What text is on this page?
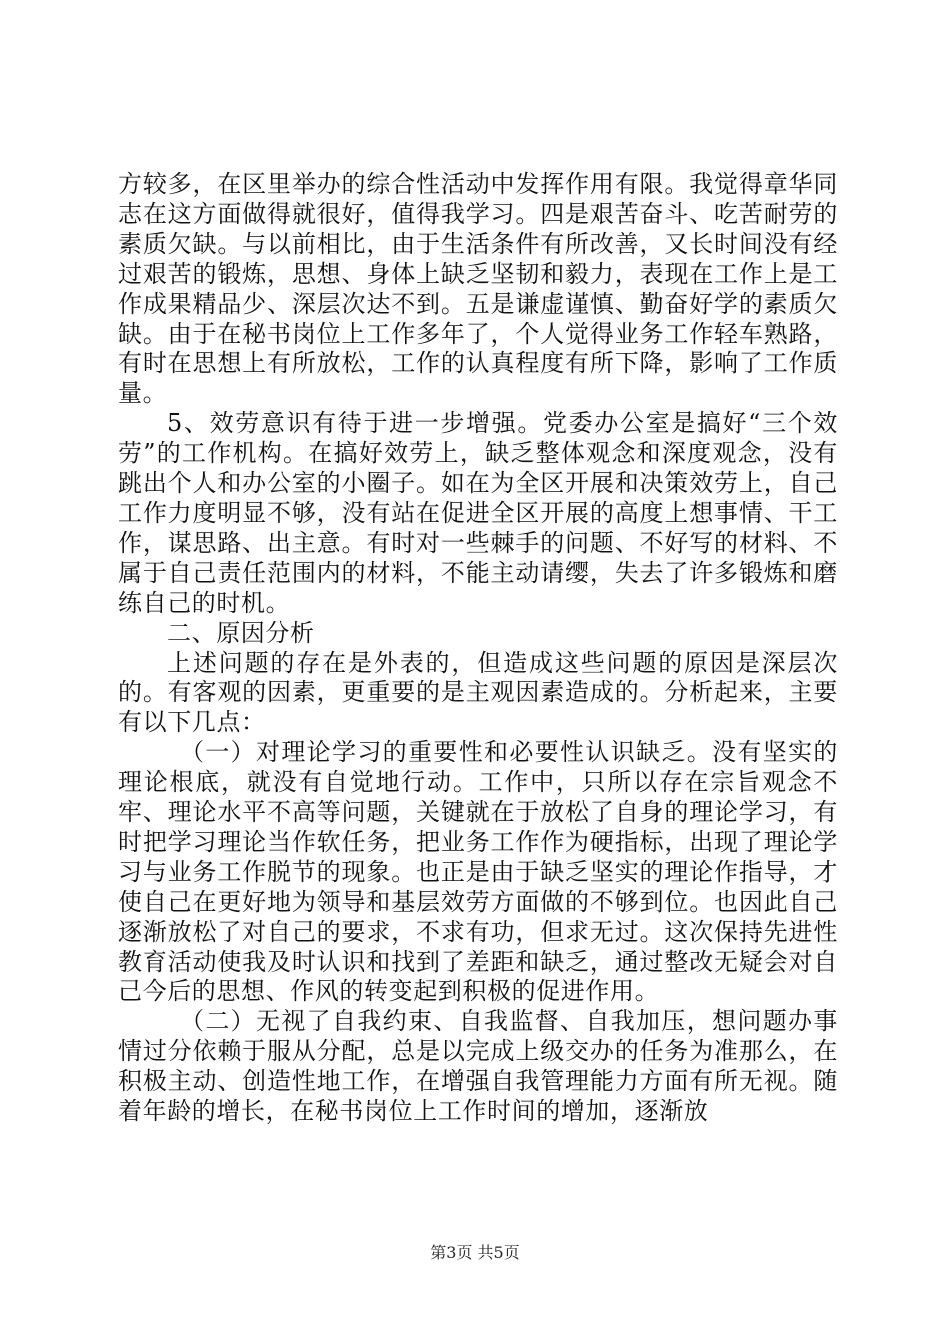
方较多，在区里举办的综合性活动中发挥作用有限。我觉得章华同志在这方面做得就很好，值得我学习。四是艰苦奋斗、吃苦耐劳的素质欠缺。与以前相比，由于生活条件有所改善，又长时间没有经过艰苦的锻炼，思想、身体上缺乏坚韧和毅力，表现在工作上是工作成果精品少、深层次达不到。五是谦虚谨慎、勤奋好学的素质欠缺。由于在秘书岗位上工作多年了，个人觉得业务工作轻车熟路，有时在思想上有所放松，工作的认真程度有所下降，影响了工作质量。

5、效劳意识有待于进一步增强。党委办公室是搞好“三个效劳”的工作机构。在搞好效劳上，缺乏整体观念和深度观念，没有跳出个人和办公室的小圈子。如在为全区开展和决策效劳上，自己工作力度明显不够，没有站在促进全区开展的高度上想事情、干工作，谋思路、出主意。有时对一些棘手的问题、不好写的材料、不属于自己责任范围内的材料，不能主动请缨，失去了许多锻炼和磨练自己的时机。

二、原因分析

上述问题的存在是外表的，但造成这些问题的原因是深层次的。有客观的因素，更重要的是主观因素造成的。分析起来，主要有以下几点：

（一）对理论学习的重要性和必要性认识缺乏。没有坚实的理论根底，就没有自觉地行动。工作中，只所以存在宗旨观念不牢、理论水平不高等问题，关键就在于放松了自身的理论学习，有时把学习理论当作软任务，把业务工作作为硬指标，出现了理论学习与业务工作脱节的现象。也正是由于缺乏坚实的理论作指导，才使自己在更好地为领导和基层效劳方面做的不够到位。也因此自己逐渐放松了对自己的要求，不求有功，但求无过。这次保持先进性教育活动使我及时认识和找到了差距和缺乏，通过整改无疑会对自己今后的思想、作风的转变起到积极的促进作用。

（二）无视了自我约束、自我监督、自我加压，想问题办事情过分依赖于服从分配，总是以完成上级交办的任务为准那么，在积极主动、创造性地工作，在增强自我管理能力方面有所无视。随着年龄的增长，在秘书岗位上工作时间的增加，逐渐放

第3页 共5页
